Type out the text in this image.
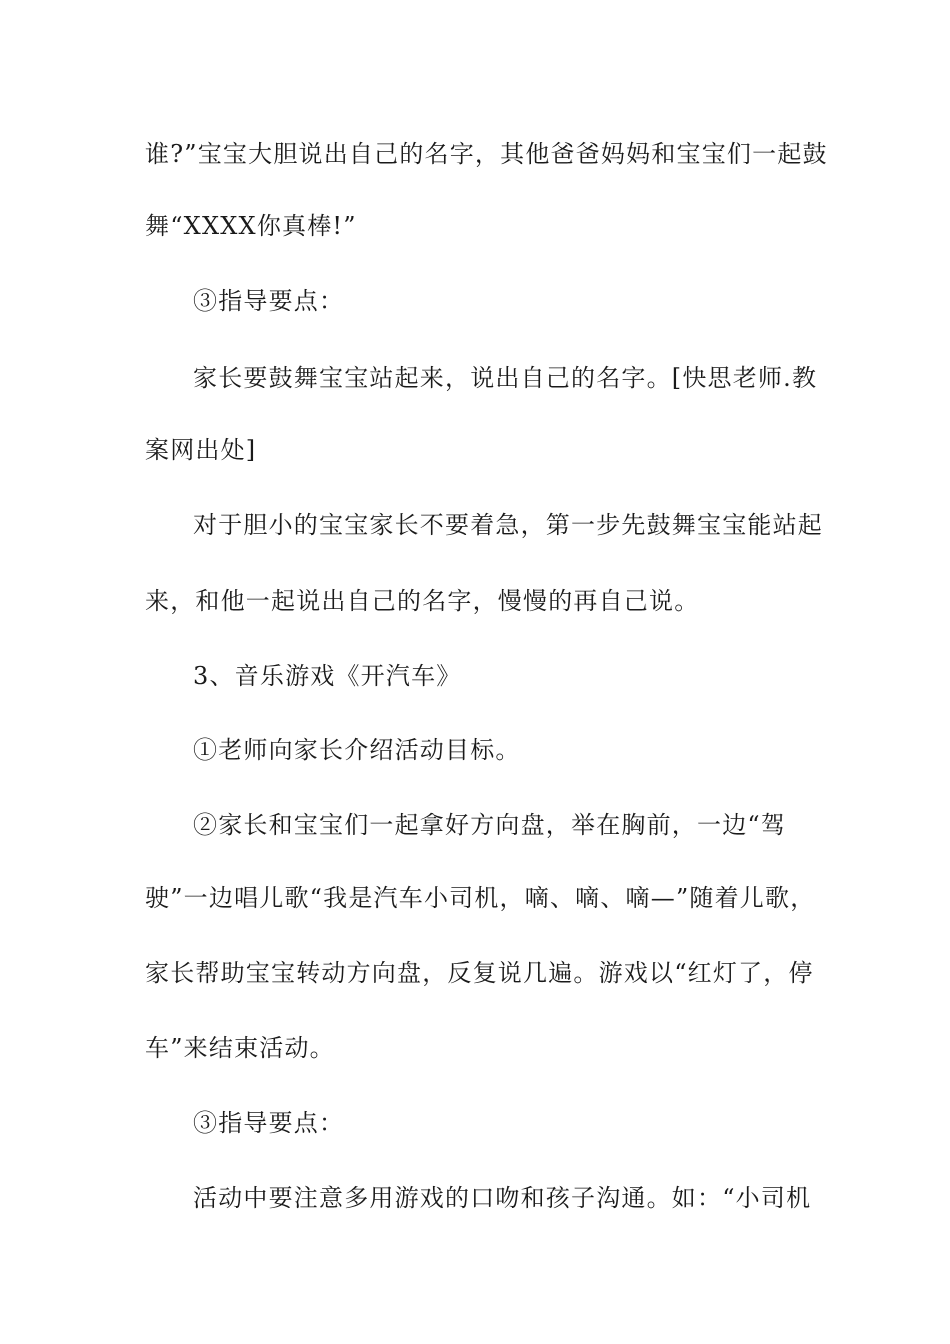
谁?”宝宝大胆说出自己的名字，其他爸爸妈妈和宝宝们一起鼓
舞“XXXX你真棒!”
③指导要点：
家长要鼓舞宝宝站起来，说出自己的名字。[快思老师.教
案网出处]
对于胆小的宝宝家长不要着急，第一步先鼓舞宝宝能站起
来，和他一起说出自己的名字，慢慢的再自己说。
3、音乐游戏《开汽车》
①老师向家长介绍活动目标。
②家长和宝宝们一起拿好方向盘，举在胸前，一边“驾
驶”一边唱儿歌“我是汽车小司机，嘀、嘀、嘀—”随着儿歌，
家长帮助宝宝转动方向盘，反复说几遍。游戏以“红灯了，停
车”来结束活动。
③指导要点：
活动中要注意多用游戏的口吻和孩子沟通。如：“小司机
